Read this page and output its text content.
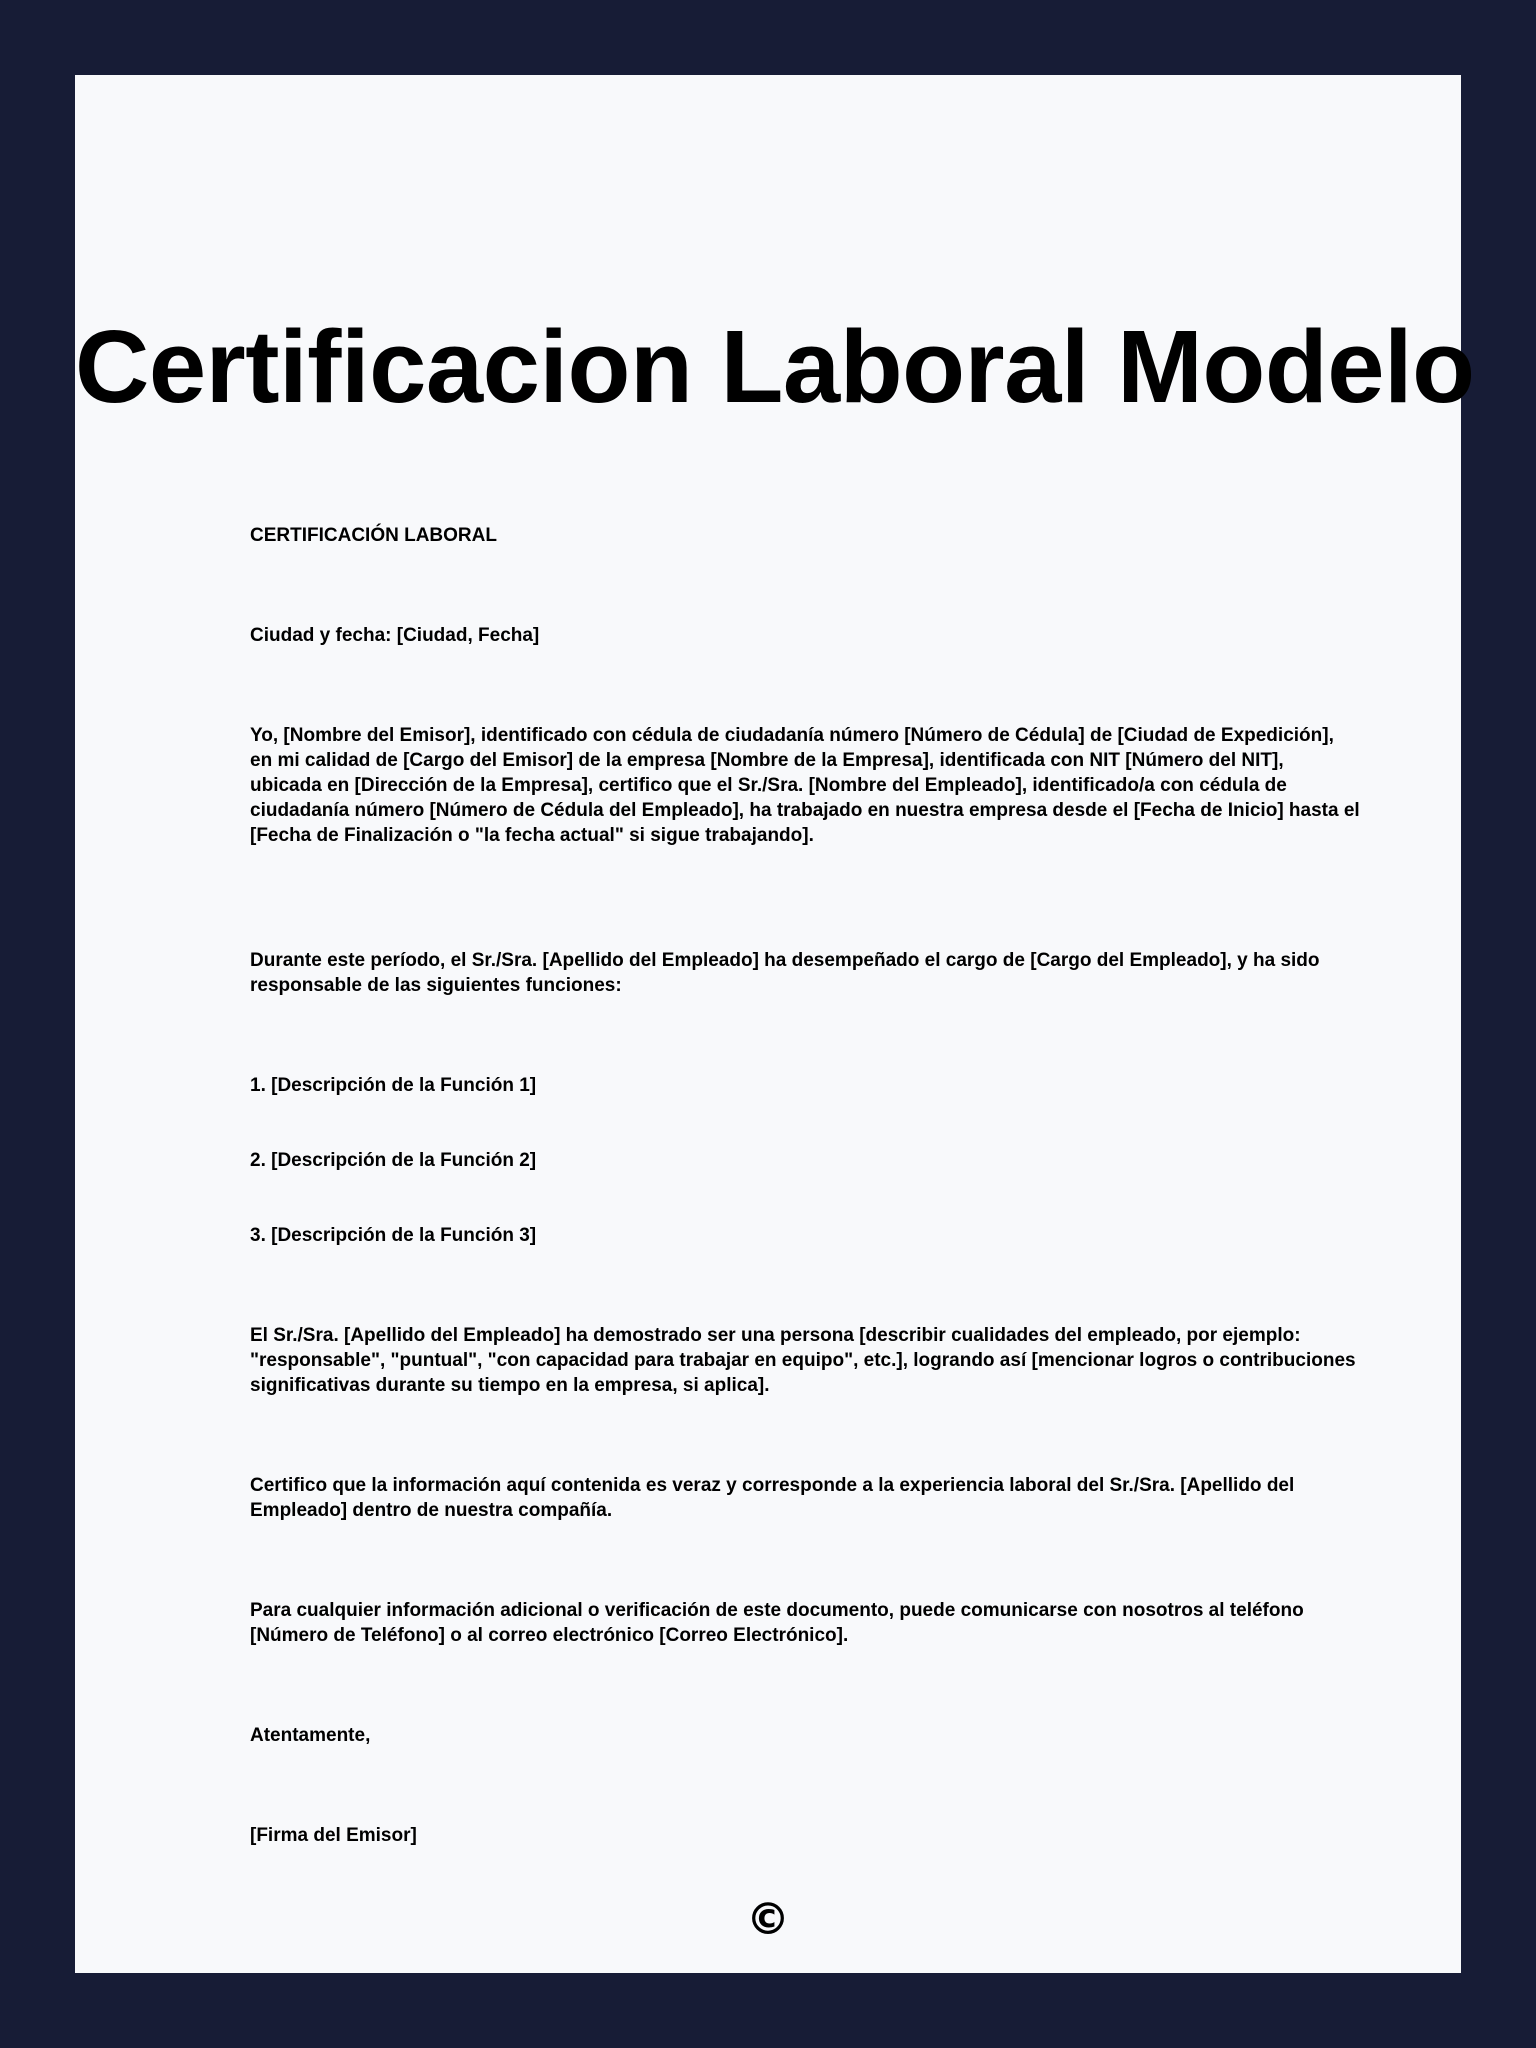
Certificacion Laboral Modelo

CERTIFICACIÓN LABORAL

Ciudad y fecha: [Ciudad, Fecha]

Yo, [Nombre del Emisor], identificado con cédula de ciudadanía número [Número de Cédula] de [Ciudad de Expedición], en mi calidad de [Cargo del Emisor] de la empresa [Nombre de la Empresa], identificada con NIT [Número del NIT], ubicada en [Dirección de la Empresa], certifico que el Sr./Sra. [Nombre del Empleado], identificado/a con cédula de ciudadanía número [Número de Cédula del Empleado], ha trabajado en nuestra empresa desde el [Fecha de Inicio] hasta el [Fecha de Finalización o "la fecha actual" si sigue trabajando].

Durante este período, el Sr./Sra. [Apellido del Empleado] ha desempeñado el cargo de [Cargo del Empleado], y ha sido responsable de las siguientes funciones:

1. [Descripción de la Función 1]

2. [Descripción de la Función 2]

3. [Descripción de la Función 3]

El Sr./Sra. [Apellido del Empleado] ha demostrado ser una persona [describir cualidades del empleado, por ejemplo: "responsable", "puntual", "con capacidad para trabajar en equipo", etc.], logrando así [mencionar logros o contribuciones significativas durante su tiempo en la empresa, si aplica].

Certifico que la información aquí contenida es veraz y corresponde a la experiencia laboral del Sr./Sra. [Apellido del Empleado] dentro de nuestra compañía.

Para cualquier información adicional o verificación de este documento, puede comunicarse con nosotros al teléfono [Número de Teléfono] o al correo electrónico [Correo Electrónico].

Atentamente,

[Firma del Emisor]

©
